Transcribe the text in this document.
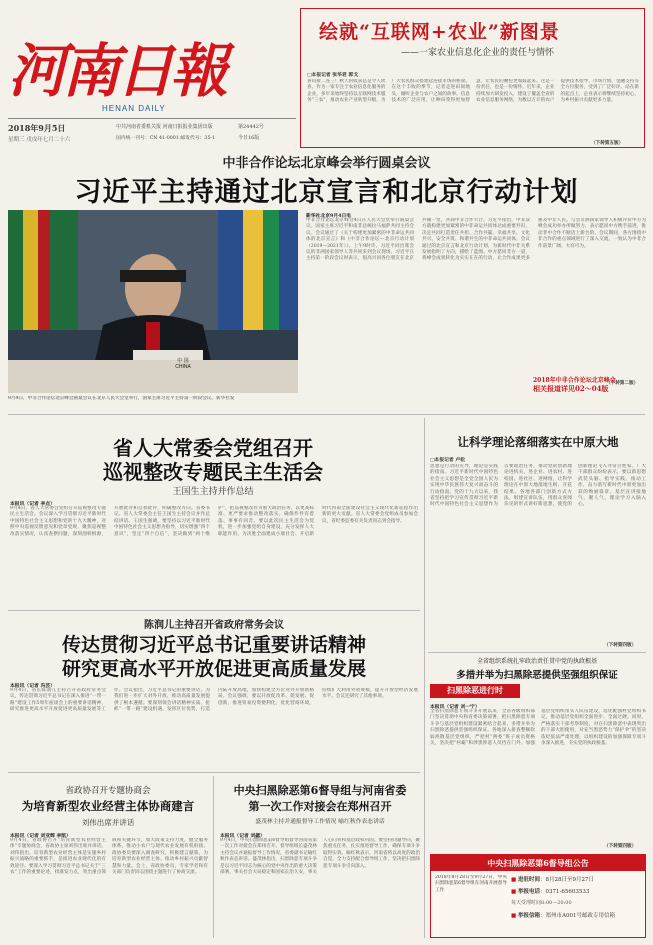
河南日報
HENAN DAILY
2018年9月5日
星期三 戊戌年七月二十六
中共河南省委机关报 河南日报报业集团出版
国内统一刊号：CN 41-0001 邮发代号：35-1
第24442号
今日16版
绘就“互联网+农业”新图景
——一家农业信息化企业的责任与情怀
□本报记者 张华君 郭戈
喜讯接二连三！秋天的收获总是令人欣喜。作为一家专注于农业信息化服务的企业，多年来始终坚持以互联网技术服务“三农”，推动农业产业转型升级，为广大农民群众搭建起连接市场的桥梁。在这个丰收的季节，记者走进田间地头，倾听企业与农户之间的故事。信息技术的广泛应用，让种田变得更加智慧，让农民的腰包更加鼓起来。这是一份责任，也是一份情怀。近年来，企业持续加大研发投入，建设了覆盖全省的农业信息服务网络，为数以万计的农户提供技术指导、市场行情、金融支持等全方位服务，受到了广泛好评。站在新的起点上，企业表示将继续坚持初心，为乡村振兴贡献更多力量。
（下转第五版）
中非合作论坛北京峰会举行圆桌会议
习近平主持通过北京宣言和北京行动计划
中 国
CHINA
9月4日，中非合作论坛北京峰会圆桌会议在北京人民大会堂举行，国家主席习近平主持第一阶段会议。新华社发
新华社北京9月4日电
中非合作论坛北京峰会4日在人民大会堂举行圆桌会议。国家主席习近平和南非总统拉马福萨共同主持会议。会议通过了《关于构建更加紧密的中非命运共同体的北京宣言》和《中非合作论坛—北京行动计划（2019—2021年）》。上午9时许，习近平同出席会议的非洲国家领导人等共同来到会议现场。习近平在主持第一阶段会议时表示，很高兴同各位朋友在北京共聚一堂，共商中非合作大计。习近平指出，中非双方就构建更加紧密的中非命运共同体达成重要共识，决定共同打造责任共担、合作共赢、幸福共享、文化共兴、安全共筑、和谐共生的中非命运共同体。会议通过的北京宣言和北京行动计划，为新时代中非关系发展指明了方向，描绘了蓝图。中方愿同非方一道，将峰会成果转化为实实在在的行动，让合作成果更多惠及中非人民。与会非洲国家领导人积极评价中方为峰会成功举办所做努力，表示愿同中方携手前进，推动非中合作不断迈上新台阶。会议期间，各方围绕中非合作的重点领域进行了深入交流，一致认为中非合作前景广阔、大有可为。
（下转第二版）
2018年中非合作论坛北京峰会
相关报道详见02～04版
省人大常委会党组召开
巡视整改专题民主生活会
王国生主持并作总结
本报讯（记者 李点）
9月4日，省人大常委会党组召开巡视整改专题民主生活会。会议深入学习贯彻习近平新时代中国特色社会主义思想和党的十九大精神，对照中央巡视反馈意见和党章党规，聚焦巡视整改落实情况，认真查摆问题，深刻剖析根源，开展批评和自我批评，明确整改方向。省委书记、省人大常委会主任王国生主持会议并作总结讲话。王国生强调，要坚持以习近平新时代中国特色社会主义思想为指导，切实增强“四个意识”，坚定“四个自信”，坚决做到“两个维护”，把巡视整改作为重大政治任务，以更高标准、更严要求推动整改落实，确保件件有着落、事事有回音。要以此次民主生活会为契机，进一步加强党组自身建设，充分发挥人大职能作用，为决胜全面建成小康社会、开启新时代河南全面建设社会主义现代化新征程作出新的更大贡献。省人大常委会党组成员参加会议，省纪委监委有关负责同志到会指导。
陈润儿主持召开省政府常务会议
传达贯彻习近平总书记重要讲话精神
研究更高水平开放促进更高质量发展
本报讯（记者 冯芸）
9月4日，省长陈润儿主持召开省政府常务会议，传达贯彻习近平总书记在深入推进“一带一路”建设工作5周年座谈会上的重要讲话精神，研究推进更高水平开放促进更高质量发展等工作。会议指出，习近平总书记的重要讲话，为我们进一步扩大对外开放、推动高质量发展提供了根本遵循。要深刻领会讲话精神实质，抢抓“一带一路”建设机遇，发挥区位优势，打造内陆开放高地，加快构建全方位对外开放新格局。会议强调，要以开放促改革、促发展、促创新，推进贸易投资便利化，优化营商环境，持续扩大利用外资规模，提升开放型经济发展水平。会议还研究了其他事项。
省政协召开专题协商会
为培育新型农业经营主体协商建言
刘伟出席并讲话
本报讯（记者 刘亚辉 李凯）
9月4日，省政协召开“培育新型农业经营主体”专题协商会，省政协主席刘伟出席并讲话。刘伟指出，培育新型农业经营主体是实施乡村振兴战略的重要抓手，是推进农业现代化的有效途径。要深入学习贯彻习近平总书记关于“三农”工作的重要论述，找准发力点，突出重点领域和关键环节，加大政策支持力度，健全服务体系，推动小农户与现代农业发展有机衔接。政协委员要深入调查研究，积极建言献策，为培育新型农业经营主体、推动乡村振兴贡献智慧和力量。会上，省政协委员、专家学者和有关部门负责同志围绕主题进行了协商交流。
中央扫黑除恶第6督导组与河南省委
第一次工作对接会在郑州召开
盛茂林主持并通报督导工作情况 喻红秋作表态讲话
本报讯（记者 刘勰）
9月4日，中央扫黑除恶第6督导组督导河南省第一次工作对接会在郑州召开。督导组组长盛茂林主持会议并通报督导工作情况，省委副书记喻红秋作表态讲话。盛茂林指出，扫黑除恶专项斗争是以习近平同志为核心的党中央作出的重大决策部署，事关社会大局稳定和国家长治久安，事关人心向背和基层政权巩固。要坚持问题导向，聚焦重点任务，扎实推进督导工作，确保专项斗争取得实效。喻红秋表示，河南省将以高度的政治自觉，全力支持配合督导组工作，坚决把扫黑除恶专项斗争引向深入。
让科学理论落细落实在中原大地
□本报记者 卢松
思想是行动的先导，理论是实践的指南。习近平新时代中国特色社会主义思想是全党全国人民为实现中华民族伟大复兴而奋斗的行动指南。党的十九大以来，我省坚持把学习宣传贯彻习近平新时代中国特色社会主义思想作为首要政治任务，推动党的创新理论进机关、进企业、进农村、进校园、进社区、进网络，让科学理论在中原大地落地生根、开花结果。各地各部门创新方式方法，组建宣讲队伍，用群众喜闻乐见的形式讲好新思想，使党的创新理论飞入寻常百姓家。广大干部群众纷纷表示，要以新思想武装头脑、指导实践、推动工作，奋力谱写新时代中原更加出彩的绚丽篇章。基层宣讲接地气、聚人气，理论学习入脑入心。
（下转第四版）
全省组织系统扎牢政治责任贯中党的执政根基
多措并举为扫黑除恶提供坚强组织保证
扫黑除恶进行时
本报讯（记者 刘一宁）
全省扫黑除恶专项斗争开展以来，全省各级组织部门坚决贯彻中央和省委决策部署，把扫黑除恶专项斗争与基层党组织建设紧密结合起来，多措并举为扫黑除恶提供坚强组织保证。各地深入排查整顿软弱涣散基层党组织，严把村“两委”班子成员资格关，坚决把“村霸”和涉黑涉恶人员挡在门外。加强基层党组织带头人队伍建设，选优配强村党组织书记，推动基层党组织全面进步、全面过硬。同时，严格落实干部考察制度，对在扫黑除恶中表现突出的干部大胆使用，对充当黑恶势力“保护伞”的坚决依纪依法严肃处理，以组织建设的加强保障专项斗争深入推进，夯实党的执政根基。
（下转第四版）
中央扫黑除恶第6督导组公告
2018年8月28日至9月27日，中央扫黑除恶第6督导组在河南开展督导工作
■ 进驻时间：8月28日至9月27日
■ 举报电话：0371-65603533
每天受理时间8:00—20:00
■ 举报信箱：郑州市A001号邮政专用信箱
